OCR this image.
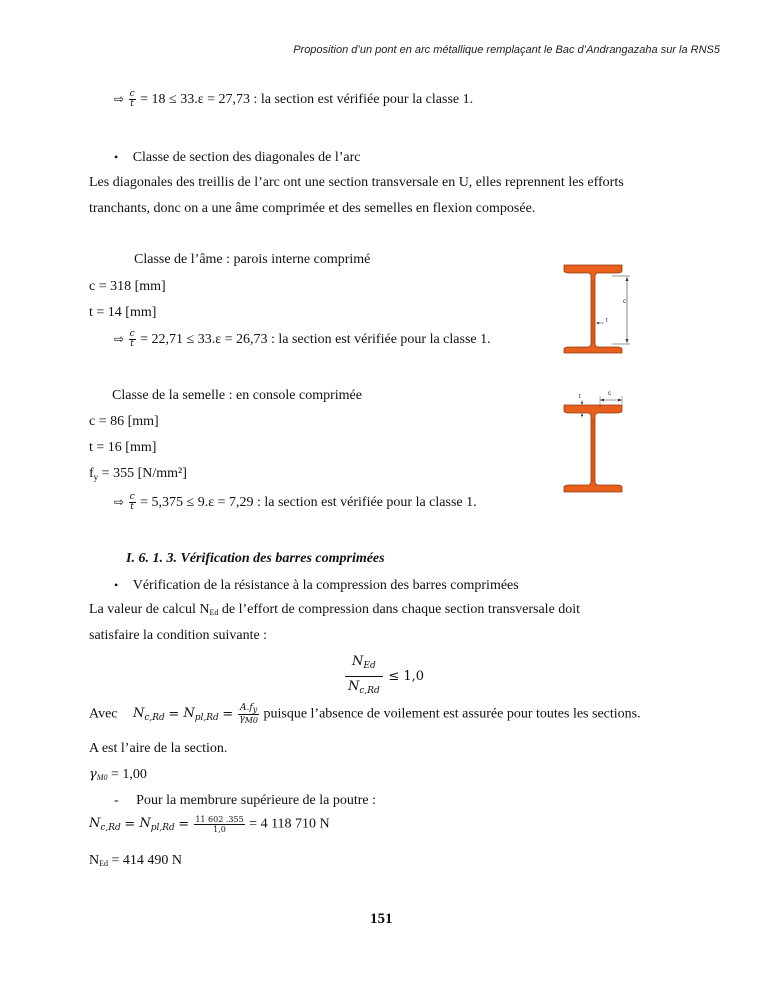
Proposition d’un pont en arc métallique remplaçant le Bac d’Andrangazaha sur la RNS5
⇨ $\frac{c}{t} = 18 \le 33.\varepsilon = 27,73$ : la section est vérifiée pour la classe 1.
• Classe de section des diagonales de l’arc
Les diagonales des treillis de l’arc ont une section transversale en U, elles reprennent les efforts
tranchants, donc on a une âme comprimée et des semelles en flexion composée.
Classe de l’âme : parois interne comprimé
c = 318 [mm]
t = 14 [mm]
⇨ $\frac{c}{t} = 22,71 \le 33.\varepsilon = 26,73$ : la section est vérifiée pour la classe 1.
c
t
Classe de la semelle : en console comprimée
c = 86 [mm]
t = 16 [mm]
$f_y = 355$ [N/mm²]
⇨ $\frac{c}{t} = 5,375 \le 9.\varepsilon = 7,29$ : la section est vérifiée pour la classe 1.
c
t
I. 6. 1. 3. Vérification des barres comprimées
• Vérification de la résistance à la compression des barres comprimées
La valeur de calcul NEd de l’effort de compression dans chaque section transversale doit
satisfaire la condition suivante :
$\frac{N_{Ed}}{N_{c,Rd}} \le 1,0$
Avec $N_{c,Rd} = N_{pl,Rd} = \frac{A.fy}{\gamma M0}$ puisque l’absence de voilement est assurée pour toutes les sections.
A est l’aire de la section.
γM0 = 1,00
- Pour la membrure supérieure de la poutre :
$N_{c,Rd} = N_{pl,Rd} = \frac{11 602 .355}{1,0} = 4$ 118 710 N
NEd = 414 490 N
151
